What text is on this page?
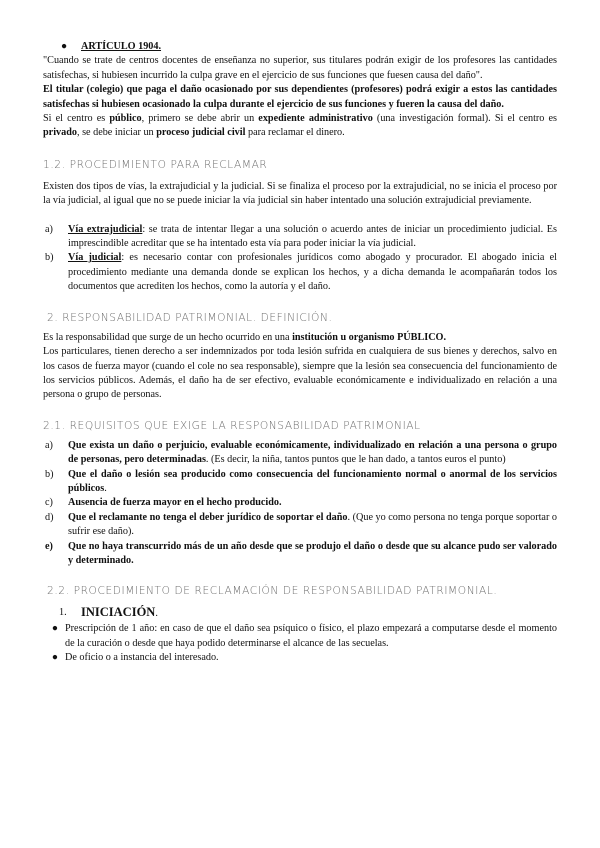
●	ARTÍCULO 1904.

"Cuando se trate de centros docentes de enseñanza no superior, sus titulares podrán exigir de los profesores las cantidades satisfechas, si hubiesen incurrido la culpa grave en el ejercicio de sus funciones que fuesen causa del daño".

El titular (colegio) que paga el daño ocasionado por sus dependientes (profesores) podrá exigir a estos las cantidades satisfechas si hubiesen ocasionado la culpa durante el ejercicio de sus funciones y fueren la causa del daño.

Si el centro es público, primero se debe abrir un expediente administrativo (una investigación formal). Si el centro es privado, se debe iniciar un proceso judicial civil para reclamar el dinero.

1.2. PROCEDIMIENTO PARA RECLAMAR

Existen dos tipos de vías, la extrajudicial y la judicial. Si se finaliza el proceso por la extrajudicial, no se inicia el proceso por la vía judicial, al igual que no se puede iniciar la vía judicial sin haber intentado una solución extrajudicial previamente.

a)	Vía extrajudicial: se trata de intentar llegar a una solución o acuerdo antes de iniciar un procedimiento judicial. Es imprescindible acreditar que se ha intentado esta vía para poder iniciar la vía judicial.
b)	Vía judicial: es necesario contar con profesionales jurídicos como abogado y procurador. El abogado inicia el procedimiento mediante una demanda donde se explican los hechos, y a dicha demanda le acompañarán todos los documentos que acrediten los hechos, como la autoría y el daño.
2. RESPONSABILIDAD PATRIMONIAL. DEFINICIÓN.

Es la responsabilidad que surge de un hecho ocurrido en una institución u organismo PÚBLICO.

Los particulares, tienen derecho a ser indemnizados por toda lesión sufrida en cualquiera de sus bienes y derechos, salvo en los casos de fuerza mayor (cuando el cole no sea responsable), siempre que la lesión sea consecuencia del funcionamiento de los servicios públicos. Además, el daño ha de ser efectivo, evaluable económicamente e individualizado en relación a una persona o grupo de personas.

2.1. REQUISITOS QUE EXIGE LA RESPONSABILIDAD PATRIMONIAL
a)	Que exista un daño o perjuicio, evaluable económicamente, individualizado en relación a una persona o grupo de personas, pero determinadas. (Es decir, la niña, tantos puntos que le han dado, a tantos euros el punto)
b)	Que el daño o lesión sea producido como consecuencia del funcionamiento normal o anormal de los servicios públicos.
c)	Ausencia de fuerza mayor en el hecho producido.
d)	Que el reclamante no tenga el deber jurídico de soportar el daño. (Que yo como persona no tenga porque soportar o sufrir ese daño).
e)	Que no haya transcurrido más de un año desde que se produjo el daño o desde que su alcance pudo ser valorado y determinado.
2.2. PROCEDIMIENTO DE RECLAMACIÓN DE RESPONSABILIDAD PATRIMONIAL.
1.	INICIACIÓN.
● Prescripción de 1 año: en caso de que el daño sea psíquico o físico, el plazo empezará a computarse desde el momento de la curación o desde que haya podido determinarse el alcance de las secuelas.
● De oficio o a instancia del interesado.
